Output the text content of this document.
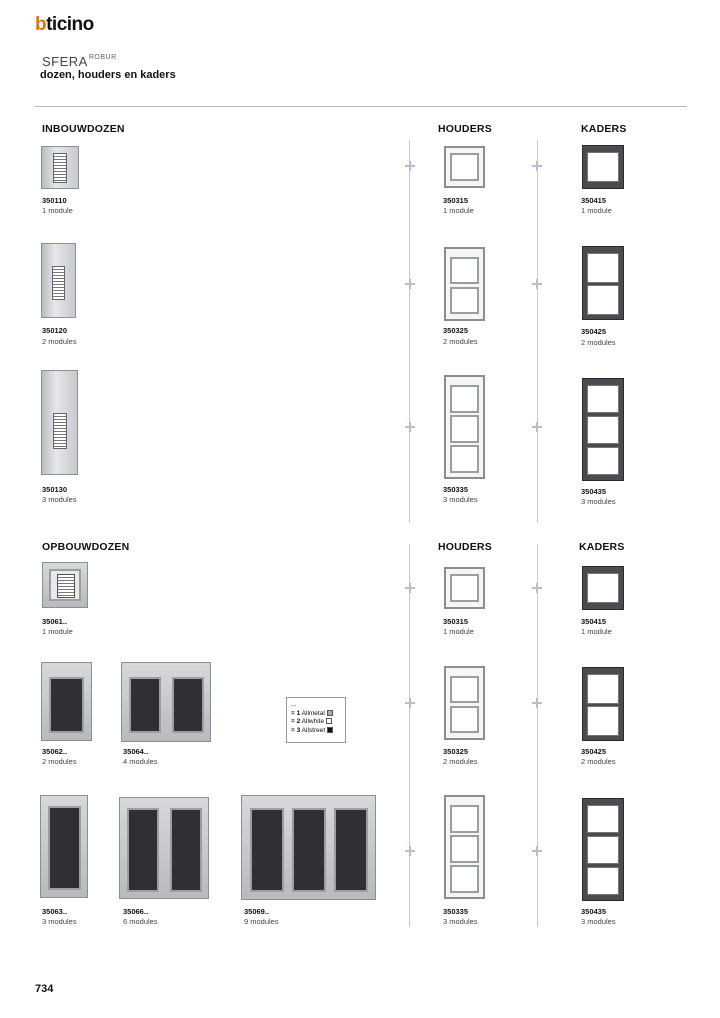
bticino
$SFERA^{ROBUR}$
dozen, houders en kaders
INBOUWDOZEN	HOUDERS	KADERS
350110
1 module
350120
2 modules
350130
3 modules
350315
1 module
350325
2 modules
350335
3 modules
350415
1 module
350425
2 modules
350435
3 modules
OPBOUWDOZEN	HOUDERS	KADERS
35061..
1 module
35062..
2 modules
35064..
4 modules
35063..
3 modules
35066..
6 modules
35069..
9 modules
350315
1 module
350325
2 modules
350335
3 modules
350415
1 module
350425
2 modules
350435
3 modules
...
= 1 Allmetal
= 2 Allwhite
= 3 Allstreet
734
